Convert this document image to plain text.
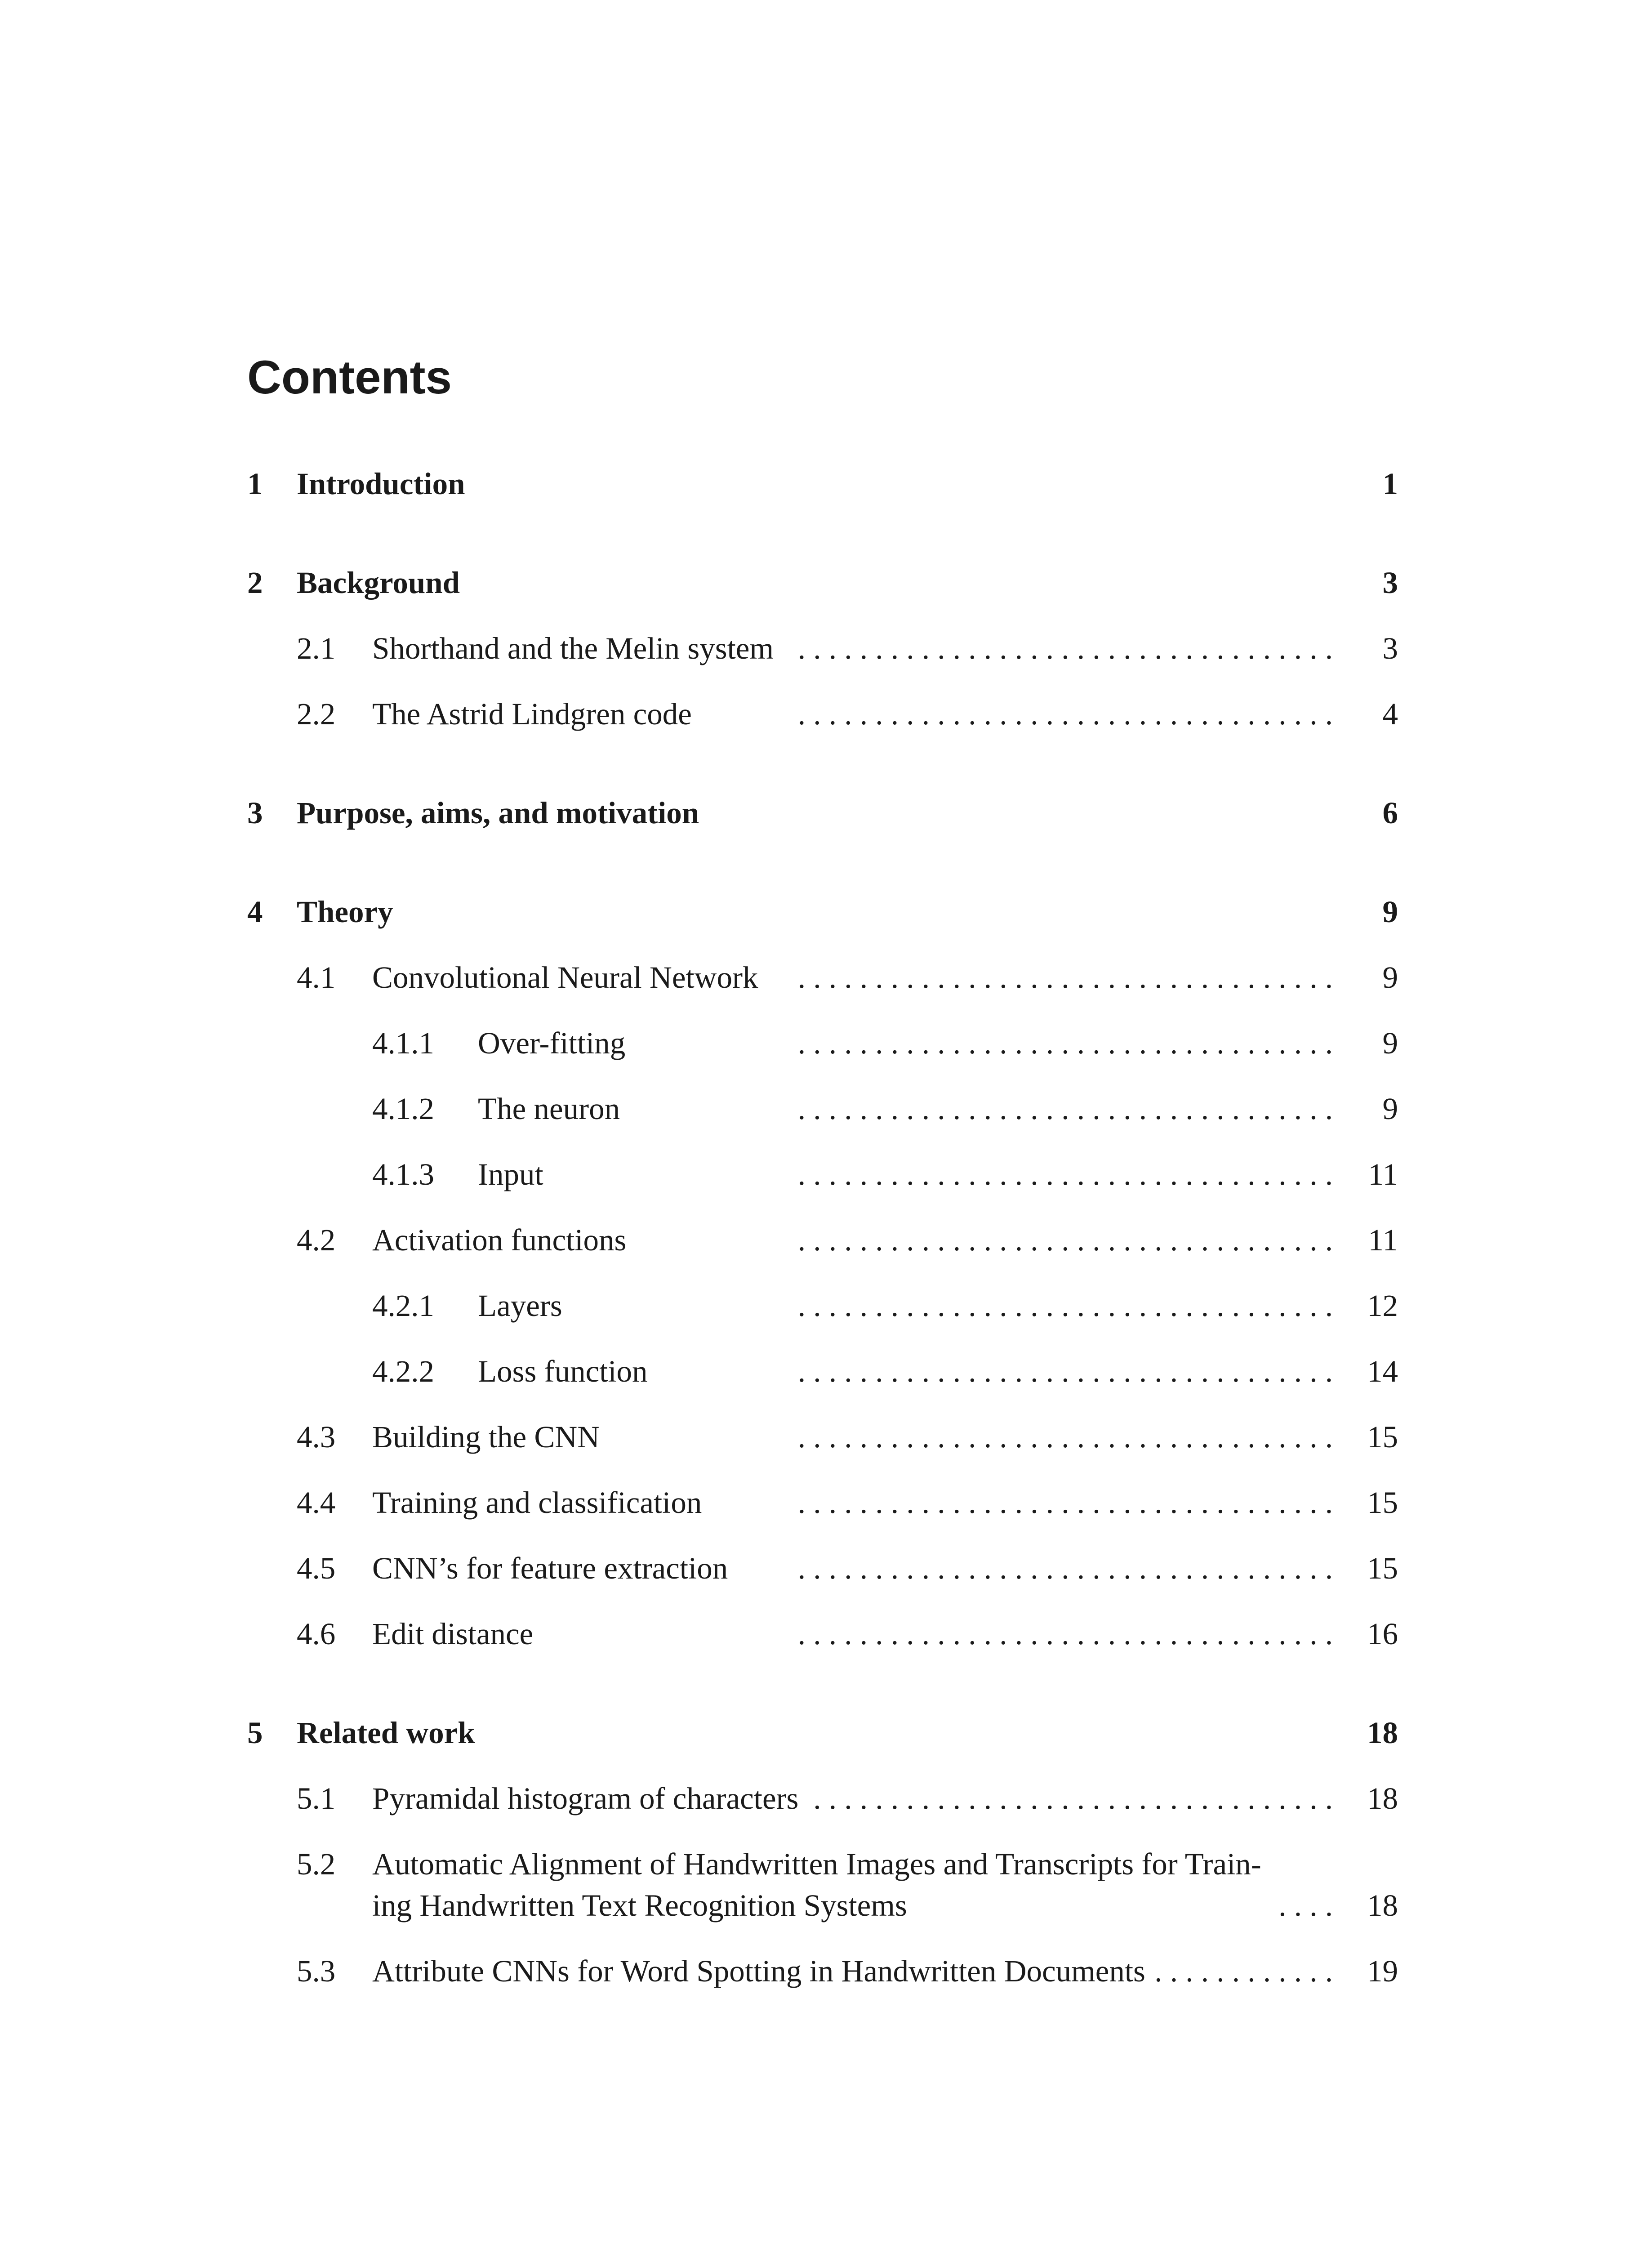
Contents
1 Introduction	1
2 Background	3
2.1 Shorthand and the Melin system	3
. . . . . . . . . . . . . . . . . . . . . . . . . . . . . . . . . . .
2.2 The Astrid Lindgren code	4
. . . . . . . . . . . . . . . . . . . . . . . . . . . . . . . . . . .
3 Purpose, aims, and motivation	6
4 Theory	9
4.1 Convolutional Neural Network	9
. . . . . . . . . . . . . . . . . . . . . . . . . . . . . . . . . . .
4.1.1 Over-fitting	9
. . . . . . . . . . . . . . . . . . . . . . . . . . . . . . . . . . .
4.1.2 The neuron	9
. . . . . . . . . . . . . . . . . . . . . . . . . . . . . . . . . . .
4.1.3 Input	11
. . . . . . . . . . . . . . . . . . . . . . . . . . . . . . . . . . .
4.2 Activation functions	11
. . . . . . . . . . . . . . . . . . . . . . . . . . . . . . . . . . .
4.2.1 Layers	12
. . . . . . . . . . . . . . . . . . . . . . . . . . . . . . . . . . .
4.2.2 Loss function	14
. . . . . . . . . . . . . . . . . . . . . . . . . . . . . . . . . . .
4.3 Building the CNN	15
. . . . . . . . . . . . . . . . . . . . . . . . . . . . . . . . . . .
4.4 Training and classification	15
. . . . . . . . . . . . . . . . . . . . . . . . . . . . . . . . . . .
4.5 CNN’s for feature extraction	15
. . . . . . . . . . . . . . . . . . . . . . . . . . . . . . . . . . .
4.6 Edit distance	16
. . . . . . . . . . . . . . . . . . . . . . . . . . . . . . . . . . .
5 Related work	18
5.1 Pyramidal histogram of characters	18
. . . . . . . . . . . . . . . . . . . . . . . . . . . . . . . . . .
5.2 Automatic Alignment of Handwritten Images and Transcripts for Train-
ing Handwritten Text Recognition Systems	18
. . . .
5.3 Attribute CNNs for Word Spotting in Handwritten Documents	19
. . . . . . . . . . . .
